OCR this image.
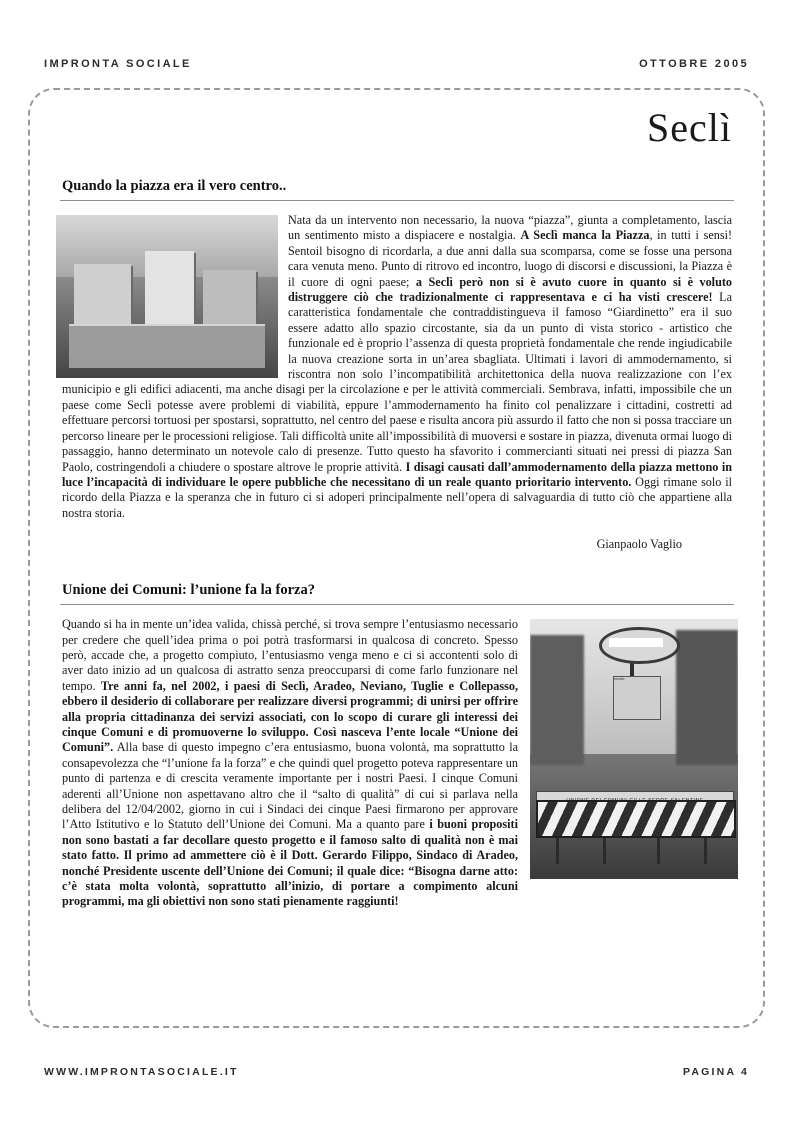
IMPRONTA SOCIALE	OTTOBRE 2005
Seclì
Quando la piazza era il vero centro..
Nata da un intervento non necessario, la nuova “piazza”, giunta a completamento, lascia un sentimento misto a dispiacere e nostalgia. A Seclì manca la Piazza, in tutti i sensi! Sentoil bisogno di ricordarla, a due anni dalla sua scomparsa, come se fosse una persona cara venuta meno. Punto di ritrovo ed incontro, luogo di discorsi e discussioni, la Piazza è il cuore di ogni paese; a Seclì però non si è avuto cuore in quanto si è voluto distruggere ciò che tradizionalmente ci rappresentava e ci ha visti crescere! La caratteristica fondamentale che contraddistingueva il famoso “Giardinetto” era il suo essere adatto allo spazio circostante, sia da un punto di vista storico - artistico che funzionale ed è proprio l’assenza di questa proprietà fondamentale che rende ingiudicabile la nuova creazione sorta in un’area sbagliata. Ultimati i lavori di ammodernamento, si riscontra non solo l’incompatibilità architettonica della nuova realizzazione con l’ex municipio e gli edifici adiacenti, ma anche disagi per la circolazione e per le attività commerciali. Sembrava, infatti, impossibile che un paese come Seclì potesse avere problemi di viabilità, eppure l’ammodernamento ha finito col penalizzare i cittadini, costretti ad effettuare percorsi tortuosi per spostarsi, soprattutto, nel centro del paese e risulta ancora più assurdo il fatto che non si possa tracciare un percorso lineare per le processioni religiose. Tali difficoltà unite all’impossibilità di muoversi e sostare in piazza, divenuta ormai luogo di passaggio, hanno determinato un notevole calo di presenze. Tutto questo ha sfavorito i commercianti situati nei pressi di piazza San Paolo, costringendoli a chiudere o spostare altrove le proprie attività. I disagi causati dall’ammodernamento della piazza mettono in luce l’incapacità di individuare le opere pubbliche che necessitano di un reale quanto prioritario intervento. Oggi rimane solo il ricordo della Piazza e la speranza che in futuro ci si adoperi principalmente nell’opera di salvaguardia di tutto ciò che appartiene alla nostra storia.
Gianpaolo Vaglio
Unione dei Comuni: l’unione fa la forza?
eccetto
Quando si ha in mente un’idea valida, chissà perché, si trova sempre l’entusiasmo necessario per credere che quell’idea prima o poi potrà trasformarsi in qualcosa di concreto. Spesso però, accade che, a progetto compiuto, l’entusiasmo venga meno e ci si accontenti solo di aver dato inizio ad un qualcosa di astratto senza preoccuparsi di come farlo funzionare nel tempo. Tre anni fa, nel 2002, i paesi di Seclì, Aradeo, Neviano, Tuglie e Collepasso, ebbero il desiderio di collaborare per realizzare diversi programmi; di unirsi per offrire alla propria cittadinanza dei servizi associati, con lo scopo di curare gli interessi dei cinque Comuni e di promuoverne lo sviluppo. Così nasceva l’ente locale “Unione dei Comuni”. Alla base di questo impegno c’era entusiasmo, buona volontà, ma soprattutto la consapevolezza che “l’unione fa la forza” e che quindi quel progetto poteva rappresentare un punto di partenza e di crescita veramente importante per i nostri Paesi. I cinque Comuni aderenti all’Unione non aspettavano altro che il “salto di qualità” di cui si parlava nella delibera del 12/04/2002, giorno in cui i Sindaci dei cinque Paesi firmarono per approvare l’Atto Istitutivo e lo Statuto dell’Unione dei Comuni. Ma a quanto pare i buoni propositi non sono bastati a far decollare questo progetto e il famoso salto di qualità non è mai stato fatto. Il primo ad ammettere ciò è il Dott. Gerardo Filippo, Sindaco di Aradeo, nonché Presidente uscente dell’Unione dei Comuni; il quale dice: “Bisogna darne atto: c’è stata molta volontà, soprattutto all’inizio, di portare a compimento alcuni programmi, ma gli obiettivi non sono stati pienamente raggiunti!
WWW.IMPRONTASOCIALE.IT	PAGINA 4
